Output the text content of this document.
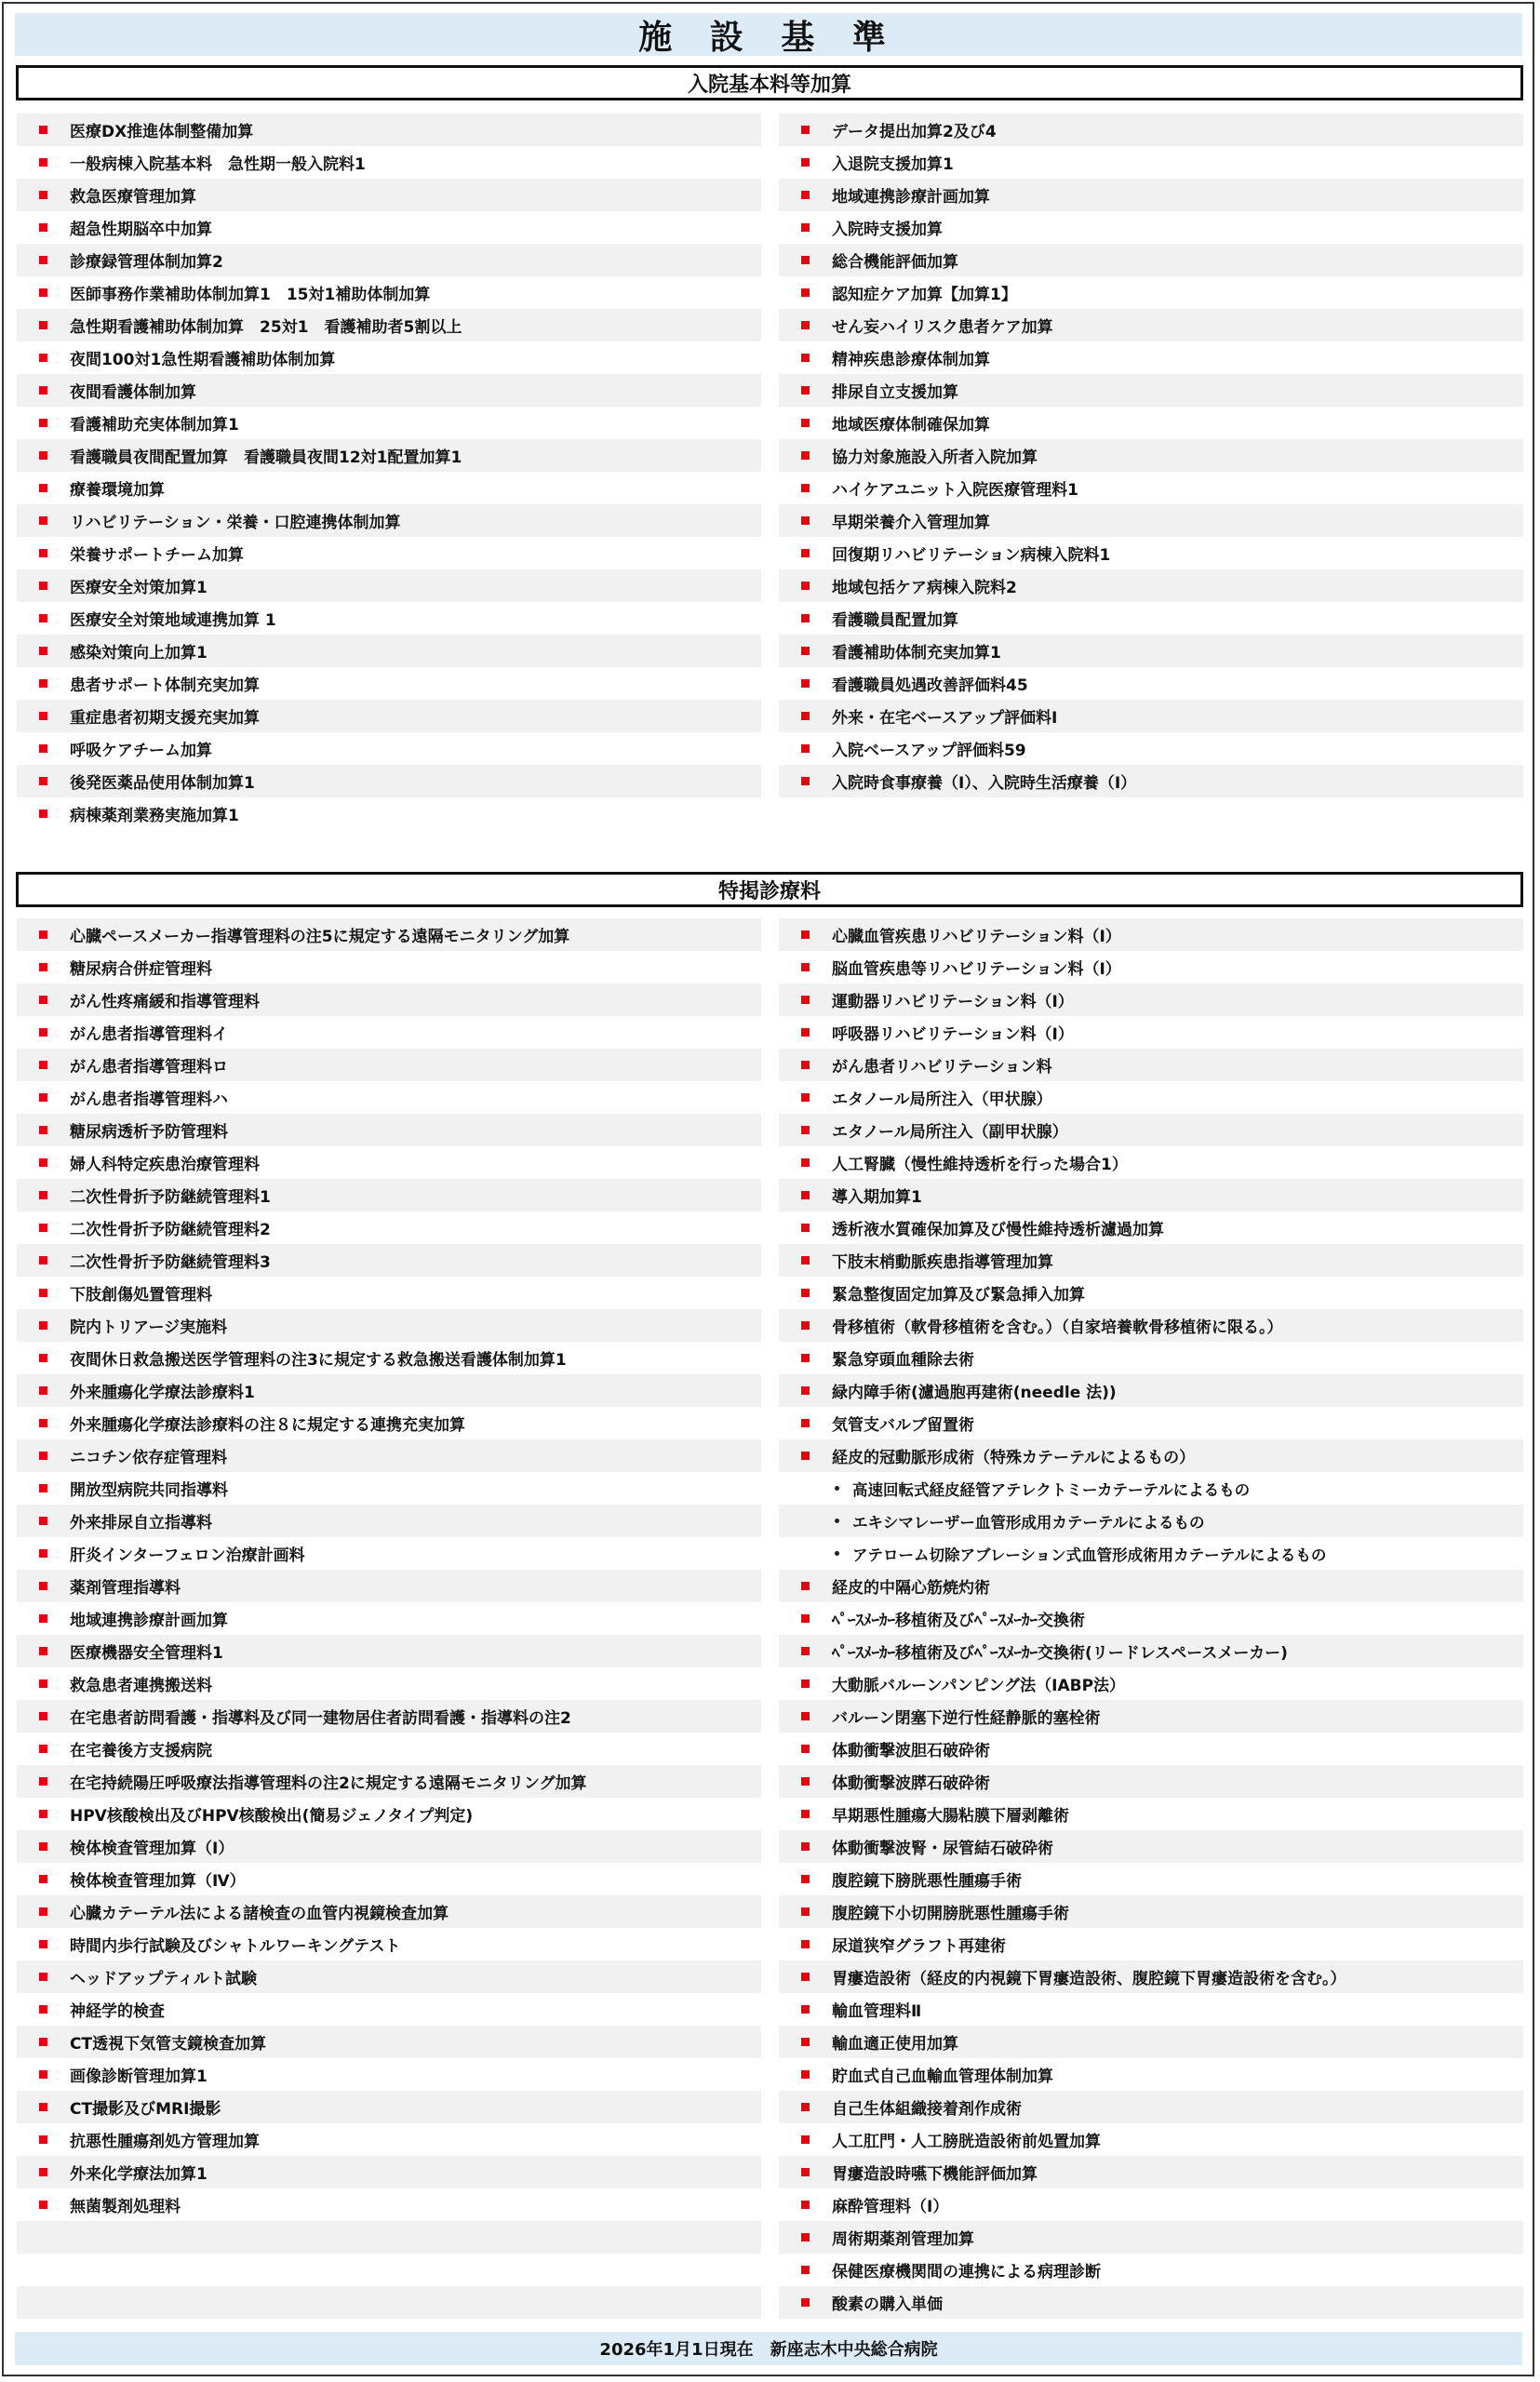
施 設 基 準
入院基本料等加算
医療DX推進体制整備加算
一般病棟入院基本料　急性期一般入院料1
救急医療管理加算
超急性期脳卒中加算
診療録管理体制加算2
医師事務作業補助体制加算1　15対1補助体制加算
急性期看護補助体制加算　25対1　看護補助者5割以上
夜間100対1急性期看護補助体制加算
夜間看護体制加算
看護補助充実体制加算1
看護職員夜間配置加算　看護職員夜間12対1配置加算1
療養環境加算
リハビリテーション・栄養・口腔連携体制加算
栄養サポートチーム加算
医療安全対策加算1
医療安全対策地域連携加算 1
感染対策向上加算1
患者サポート体制充実加算
重症患者初期支援充実加算
呼吸ケアチーム加算
後発医薬品使用体制加算1
病棟薬剤業務実施加算1
データ提出加算2及び4
入退院支援加算1
地域連携診療計画加算
入院時支援加算
総合機能評価加算
認知症ケア加算【加算1】
せん妄ハイリスク患者ケア加算
精神疾患診療体制加算
排尿自立支援加算
地域医療体制確保加算
協力対象施設入所者入院加算
ハイケアユニット入院医療管理料1
早期栄養介入管理加算
回復期リハビリテーション病棟入院料1
地域包括ケア病棟入院料2
看護職員配置加算
看護補助体制充実加算1
看護職員処遇改善評価料45
外来・在宅ベースアップ評価料Ⅰ
入院ベースアップ評価料59
入院時食事療養（Ⅰ）、入院時生活療養（Ⅰ）
特掲診療料
心臓ペースメーカー指導管理料の注5に規定する遠隔モニタリング加算
糖尿病合併症管理料
がん性疼痛緩和指導管理料
がん患者指導管理料イ
がん患者指導管理料ロ
がん患者指導管理料ハ
糖尿病透析予防管理料
婦人科特定疾患治療管理料
二次性骨折予防継続管理料1
二次性骨折予防継続管理料2
二次性骨折予防継続管理料3
下肢創傷処置管理料
院内トリアージ実施料
夜間休日救急搬送医学管理料の注3に規定する救急搬送看護体制加算1
外来腫瘍化学療法診療料1
外来腫瘍化学療法診療料の注８に規定する連携充実加算
ニコチン依存症管理料
開放型病院共同指導料
外来排尿自立指導料
肝炎インターフェロン治療計画料
薬剤管理指導料
地域連携診療計画加算
医療機器安全管理料1
救急患者連携搬送料
在宅患者訪問看護・指導料及び同一建物居住者訪問看護・指導料の注2
在宅養後方支援病院
在宅持続陽圧呼吸療法指導管理料の注2に規定する遠隔モニタリング加算
HPV核酸検出及びHPV核酸検出(簡易ジェノタイプ判定)
検体検査管理加算（Ⅰ）
検体検査管理加算（Ⅳ）
心臓カテーテル法による諸検査の血管内視鏡検査加算
時間内歩行試験及びシャトルワーキングテスト
ヘッドアップティルト試験
神経学的検査
CT透視下気管支鏡検査加算
画像診断管理加算1
CT撮影及びMRI撮影
抗悪性腫瘍剤処方管理加算
外来化学療法加算1
無菌製剤処理料
心臓血管疾患リハビリテーション料（Ⅰ）
脳血管疾患等リハビリテーション料（Ⅰ）
運動器リハビリテーション料（Ⅰ）
呼吸器リハビリテーション料（Ⅰ）
がん患者リハビリテーション料
エタノール局所注入（甲状腺）
エタノール局所注入（副甲状腺）
人工腎臓（慢性維持透析を行った場合1）
導入期加算1
透析液水質確保加算及び慢性維持透析濾過加算
下肢末梢動脈疾患指導管理加算
緊急整復固定加算及び緊急挿入加算
骨移植術（軟骨移植術を含む。）（自家培養軟骨移植術に限る。）
緊急穿頭血種除去術
緑内障手術(濾過胞再建術(needle 法))
気管支バルブ留置術
経皮的冠動脈形成術（特殊カテーテルによるもの）
高速回転式経皮経管アテレクトミーカテーテルによるもの
エキシマレーザー血管形成用カテーテルによるもの
アテローム切除アブレーション式血管形成術用カテーテルによるもの
経皮的中隔心筋焼灼術
ﾍﾟｰｽﾒｰｶｰ移植術及びﾍﾟｰｽﾒｰｶｰ交換術
ﾍﾟｰｽﾒｰｶｰ移植術及びﾍﾟｰｽﾒｰｶｰ交換術(リードレスペースメーカー)
大動脈バルーンパンピング法（IABP法）
バルーン閉塞下逆行性経静脈的塞栓術
体動衝撃波胆石破砕術
体動衝撃波膵石破砕術
早期悪性腫瘍大腸粘膜下層剥離術
体動衝撃波腎・尿管結石破砕術
腹腔鏡下膀胱悪性腫瘍手術
腹腔鏡下小切開膀胱悪性腫瘍手術
尿道狭窄グラフト再建術
胃瘻造設術（経皮的内視鏡下胃瘻造設術、腹腔鏡下胃瘻造設術を含む。）
輸血管理料Ⅱ
輸血適正使用加算
貯血式自己血輸血管理体制加算
自己生体組織接着剤作成術
人工肛門・人工膀胱造設術前処置加算
胃瘻造設時嚥下機能評価加算
麻酔管理料（Ⅰ）
周術期薬剤管理加算
保健医療機関間の連携による病理診断
酸素の購入単価
2026年1月1日現在　新座志木中央総合病院
